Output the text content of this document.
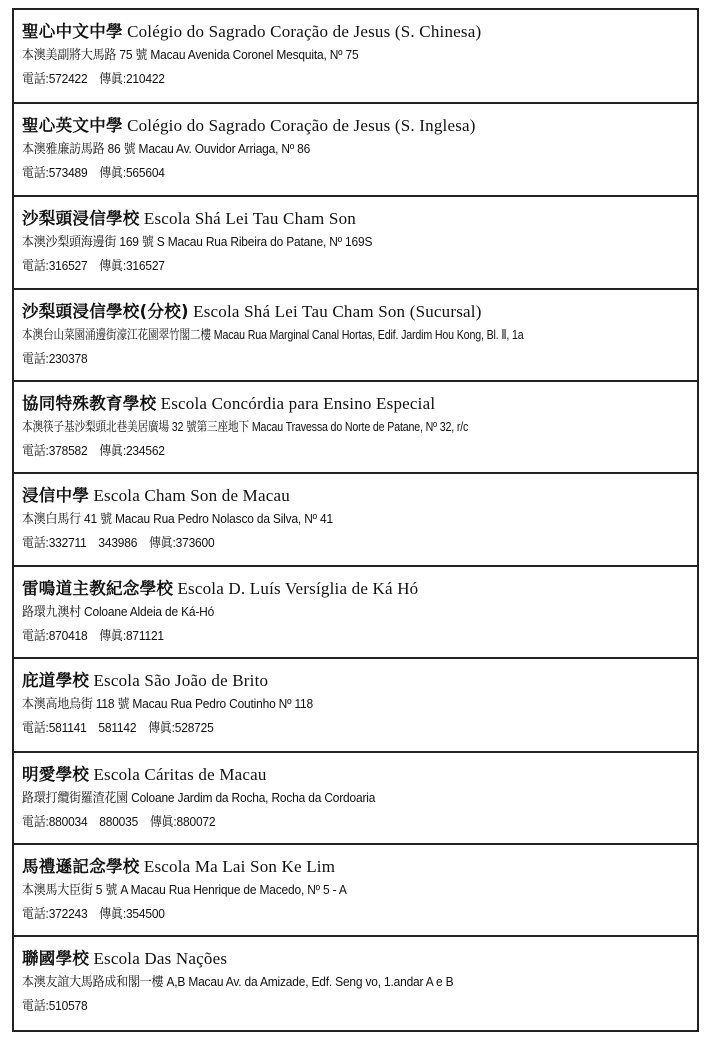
聖心中文中學 Colégio do Sagrado Coração de Jesus (S. Chinesa)
本澳美副將大馬路 75 號 Macau Avenida Coronel Mesquita, Nº 75
電話:572422　傳眞:210422
聖心英文中學 Colégio do Sagrado Coração de Jesus (S. Inglesa)
本澳雅廉訪馬路 86 號 Macau Av. Ouvidor Arriaga, Nº 86
電話:573489　傳眞:565604
沙梨頭浸信學校 Escola Shá Lei Tau Cham Son
本澳沙梨頭海邊街 169 號 S Macau Rua Ribeira do Patane, Nº 169S
電話:316527　傳眞:316527
沙梨頭浸信學校(分校) Escola Shá Lei Tau Cham Son (Sucursal)
本澳台山菜園涌邊街濠江花園翠竹閣二樓 Macau Rua Marginal Canal Hortas, Edif. Jardim Hou Kong, Bl. Ⅱ, 1a
電話:230378
協同特殊教育學校 Escola Concórdia para Ensino Especial
本澳筷子基沙梨頭北巷美居廣場 32 號第三座地下 Macau Travessa do Norte de Patane, Nº 32, r/c
電話:378582　傳眞:234562
浸信中學 Escola Cham Son de Macau
本澳白馬行 41 號 Macau Rua Pedro Nolasco da Silva, Nº 41
電話:332711　343986　傳眞:373600
雷鳴道主教紀念學校 Escola D. Luís Versíglia de Ká Hó
路環九澳村 Coloane Aldeia de Ká-Hó
電話:870418　傳眞:871121
庇道學校 Escola São João de Brito
本澳高地烏街 118 號 Macau Rua Pedro Coutinho Nº 118
電話:581141　581142　傳眞:528725
明愛學校 Escola Cáritas de Macau
路環打纜街羅渣花園 Coloane Jardim da Rocha, Rocha da Cordoaria
電話:880034　880035　傳眞:880072
馬禮遜記念學校 Escola Ma Lai Son Ke Lim
本澳馬大臣街 5 號 A Macau Rua Henrique de Macedo, Nº 5 - A
電話:372243　傳眞:354500
聯國學校 Escola Das Nações
本澳友誼大馬路成和閣一樓 A,B Macau Av. da Amizade, Edf. Seng vo, 1.andar A e B
電話:510578
